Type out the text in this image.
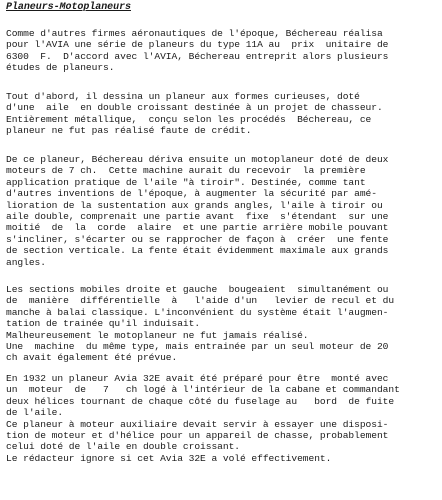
Planeurs-Motoplaneurs
Comme d'autres firmes aéronautiques de l'époque, Béchereau réalisa
pour l'AVIA une série de planeurs du type 11A au  prix  unitaire de
6300  F.  D'accord avec l'AVIA, Béchereau entreprit alors plusieurs
études de planeurs.
Tout d'abord, il dessina un planeur aux formes curieuses, doté
d'une  aile  en double croissant destinée à un projet de chasseur.
Entièrement métallique,  conçu selon les procédés  Béchereau, ce
planeur ne fut pas réalisé faute de crédit.
De ce planeur, Béchereau dériva ensuite un motoplaneur doté de deux
moteurs de 7 ch.  Cette machine aurait du recevoir  la première
application pratique de l'aile "à tiroir". Destinée, comme tant
d'autres inventions de l'époque, à augmenter la sécurité par amé-
lioration de la sustentation aux grands angles, l'aile à tiroir ou
aile double, comprenait une partie avant  fixe  s'étendant  sur une
moitié  de  la  corde  alaire  et une partie arrière mobile pouvant
s'incliner, s'écarter ou se rapprocher de façon à  créer  une fente
de section verticale. La fente était évidemment maximale aux grands
angles.
Les sections mobiles droite et gauche  bougeaient  simultanément ou
de  manière  différentielle  à   l'aide d'un   levier de recul et du
manche à balai classique. L'inconvénient du système était l'augmen-
tation de trainée qu'il induisait.
Malheureusement le motoplaneur ne fut jamais réalisé.
Une  machine  du même type, mais entrainée par un seul moteur de 20
ch avait également été prévue.
En 1932 un planeur Avia 32E avait été préparé pour être  monté avec
un  moteur  de   7   ch logé à l'intérieur de la cabane et commandant
deux hélices tournant de chaque côté du fuselage au   bord  de fuite
de l'aile.
Ce planeur à moteur auxiliaire devait servir à essayer une disposi-
tion de moteur et d'hélice pour un appareil de chasse, probablement
celui doté de l'aile en double croissant.
Le rédacteur ignore si cet Avia 32E a volé effectivement.
